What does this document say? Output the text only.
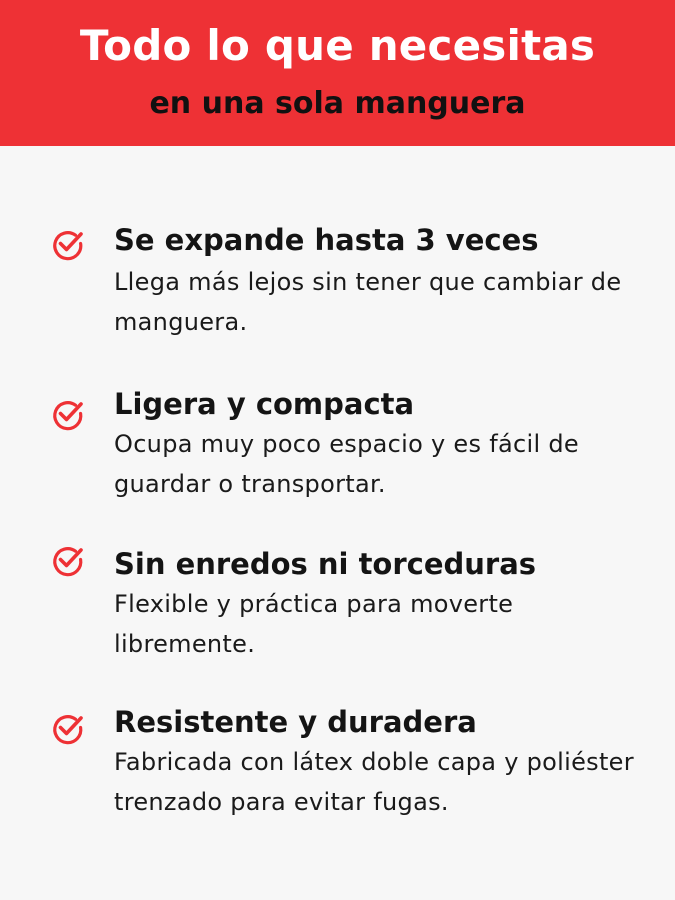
Todo lo que necesitas
en una sola manguera
Se expande hasta 3 veces
Llega más lejos sin tener que cambiar de manguera.
Ligera y compacta
Ocupa muy poco espacio y es fácil de guardar o transportar.
Sin enredos ni torceduras
Flexible y práctica para moverte libremente.
Resistente y duradera
Fabricada con látex doble capa y poliéster trenzado para evitar fugas.
